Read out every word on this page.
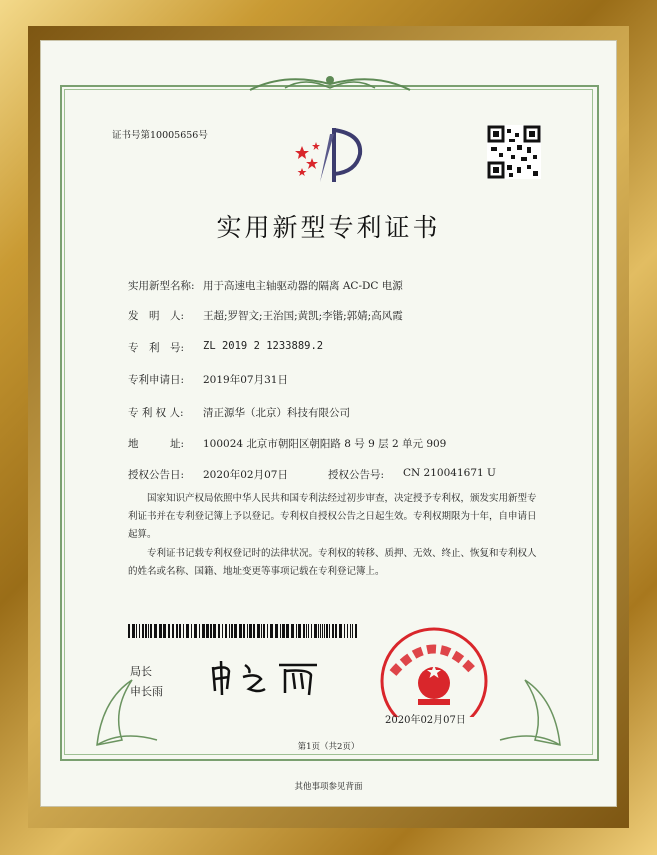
证书号第10005656号
实用新型专利证书
实用新型名称: 用于高速电主轴驱动器的隔离 AC-DC 电源
发　明　人: 王超;罗智文;王治国;黄凯;李锴;郭婧;高风霞
专　利　号: ZL 2019 2 1233889.2
专利申请日: 2019年07月31日
专 利 权 人: 清正源华（北京）科技有限公司
地　　　址: 100024 北京市朝阳区朝阳路 8 号 9 层 2 单元 909
授权公告日: 2020年02月07日	授权公告号: CN 210041671 U
国家知识产权局依照中华人民共和国专利法经过初步审查，决定授予专利权，颁发实用新型专利证书并在专利登记簿上予以登记。专利权自授权公告之日起生效。专利权期限为十年，自申请日起算。
专利证书记载专利权登记时的法律状况。专利权的转移、质押、无效、终止、恢复和专利权人的姓名或名称、国籍、地址变更等事项记载在专利登记簿上。
局长
申长雨
2020年02月07日
第1页（共2页）
其他事项参见背面
